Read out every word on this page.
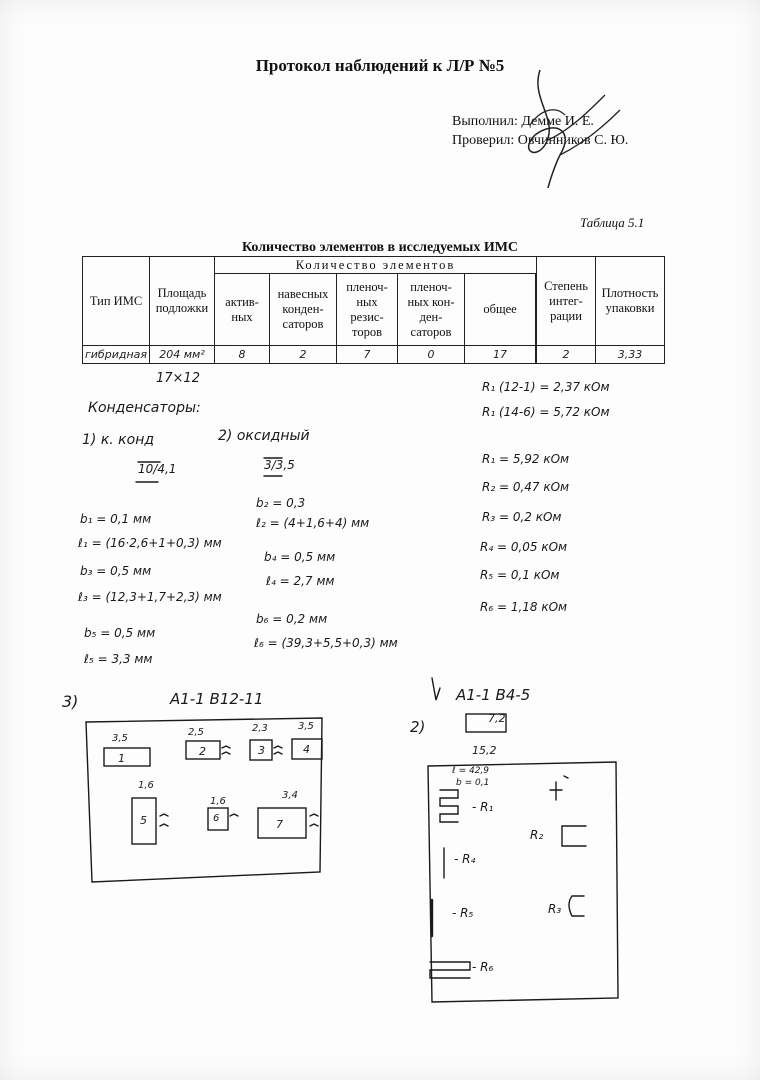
Протокол наблюдений к Л/Р №5
Выполнил: Демме И. Е.
Проверил: Овчинников С. Ю.
Таблица 5.1
Количество элементов в исследуемых ИМС
Тип ИМС	Площадь подложки	Количество элементов					Степень интег-рации	Плотность упаковки
		актив-ных	навесных конден-саторов	пленоч-ных резис-торов	пленоч-ных кон-ден-саторов	общее		
гибридная	204 мм²	8	2	7	0	17		2	3,33
17×12
Конденсаторы:
1) к. конд
10/4,1
2) оксидный
3/3,5
b₁ = 0,1 мм
ℓ₁ = (16·2,6+1+0,3) мм
b₃ = 0,5 мм
ℓ₃ = (12,3+1,7+2,3) мм
b₅ = 0,5 мм
ℓ₅ = 3,3 мм
b₂ = 0,3
ℓ₂ = (4+1,6+4) мм
b₄ = 0,5 мм
ℓ₄ = 2,7 мм
b₆ = 0,2 мм
ℓ₆ = (39,3+5,5+0,3) мм
R₁ (12-1) = 2,37 кОм
R₁ (14-6) = 5,72 кОм
R₁ = 5,92 кОм
R₂ = 0,47 кОм
R₃ = 0,2 кОм
R₄ = 0,05 кОм
R₅ = 0,1 кОм
R₆ = 1,18 кОм
3)	А1-1 В12-11
2)
А1-1 В4-5
3,5
2,5	2,3	3,5
1,6
1,6
3,4
1
2	3	4
5	6	7
7,2
15,2
ℓ = 42,9
b = 0,1
- R₁
- R₄
- R₅
- R₆
R₂
R₃
